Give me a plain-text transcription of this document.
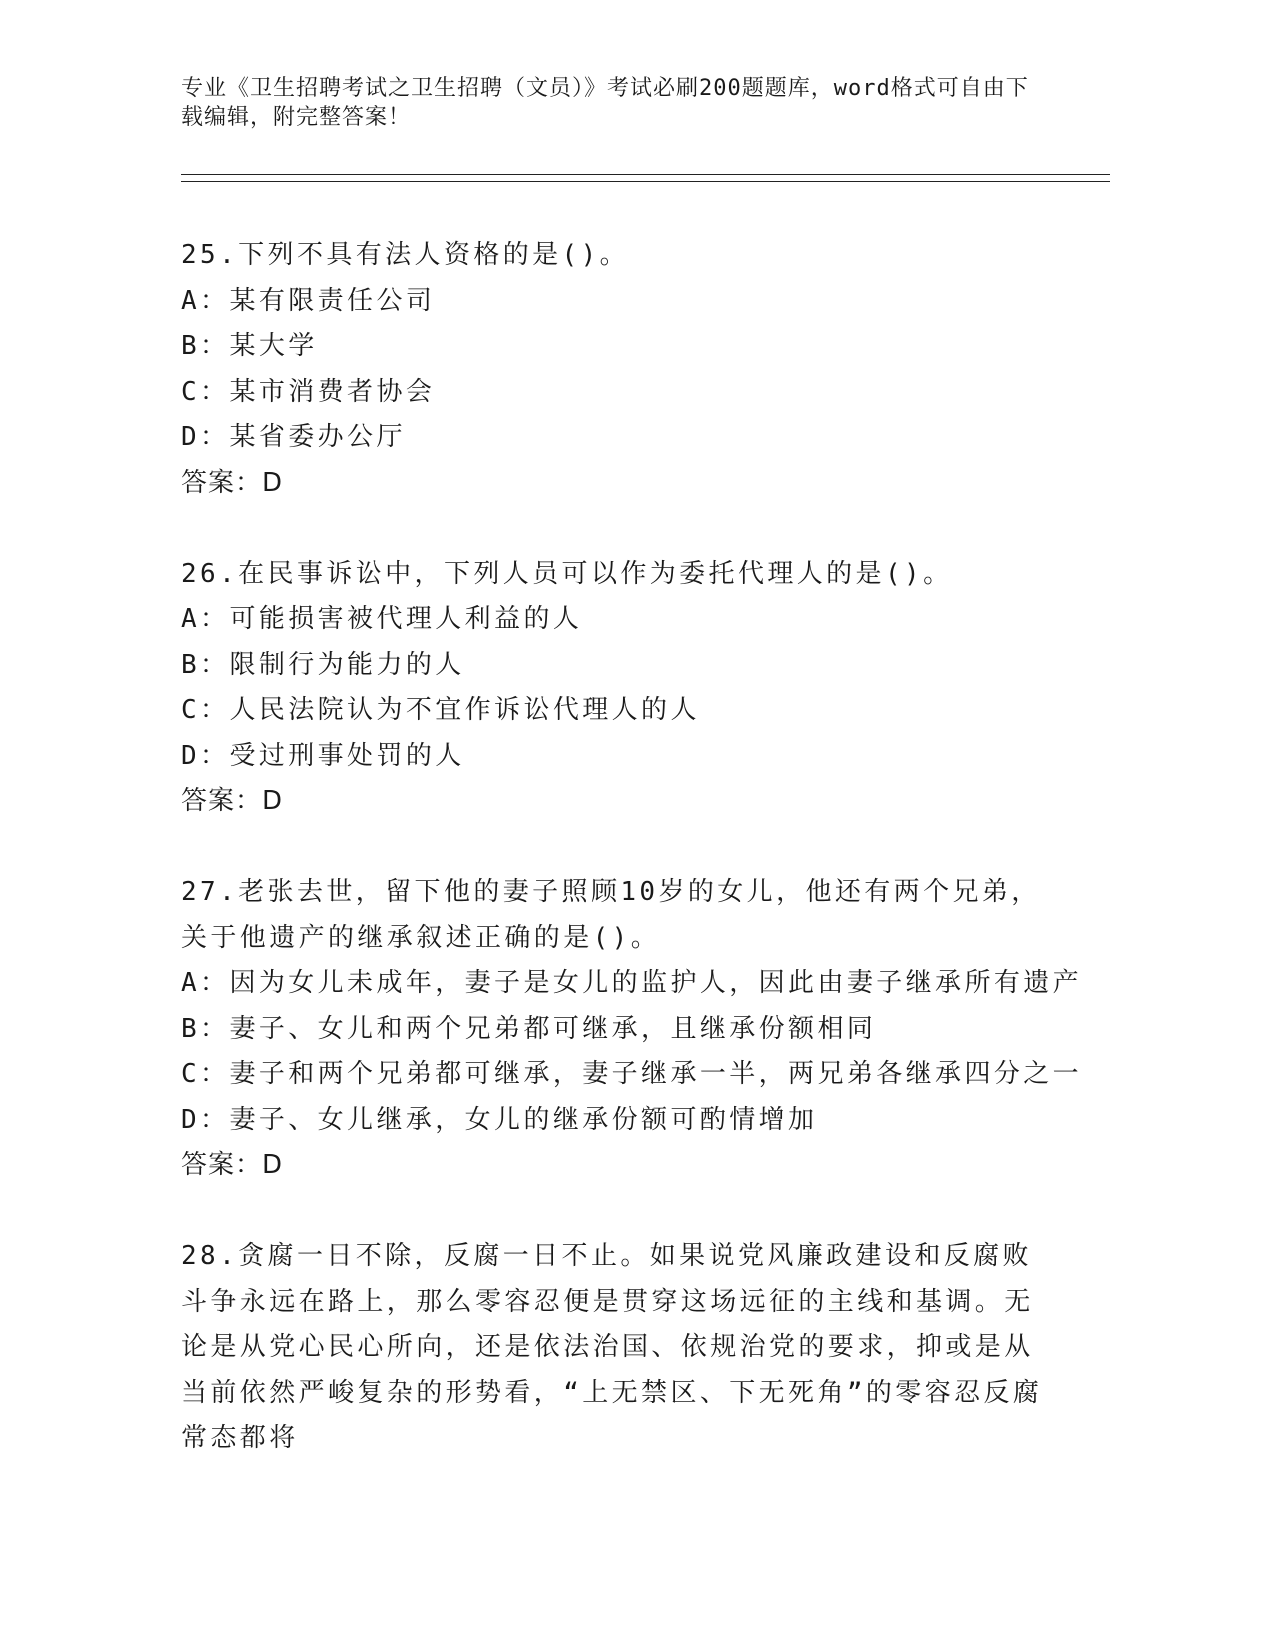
专业《卫生招聘考试之卫生招聘（文员）》考试必刷200题题库，word格式可自由下载编辑，附完整答案！
25.下列不具有法人资格的是()。
A：某有限责任公司
B：某大学
C：某市消费者协会
D：某省委办公厅
答案：D
26.在民事诉讼中，下列人员可以作为委托代理人的是()。
A：可能损害被代理人利益的人
B：限制行为能力的人
C：人民法院认为不宜作诉讼代理人的人
D：受过刑事处罚的人
答案：D
27.老张去世，留下他的妻子照顾10岁的女儿，他还有两个兄弟，关于他遗产的继承叙述正确的是()。
A：因为女儿未成年，妻子是女儿的监护人，因此由妻子继承所有遗产
B：妻子、女儿和两个兄弟都可继承，且继承份额相同
C：妻子和两个兄弟都可继承，妻子继承一半，两兄弟各继承四分之一
D：妻子、女儿继承，女儿的继承份额可酌情增加
答案：D
28.贪腐一日不除，反腐一日不止。如果说党风廉政建设和反腐败斗争永远在路上，那么零容忍便是贯穿这场远征的主线和基调。无论是从党心民心所向，还是依法治国、依规治党的要求，抑或是从当前依然严峻复杂的形势看，“上无禁区、下无死角”的零容忍反腐常态都将
